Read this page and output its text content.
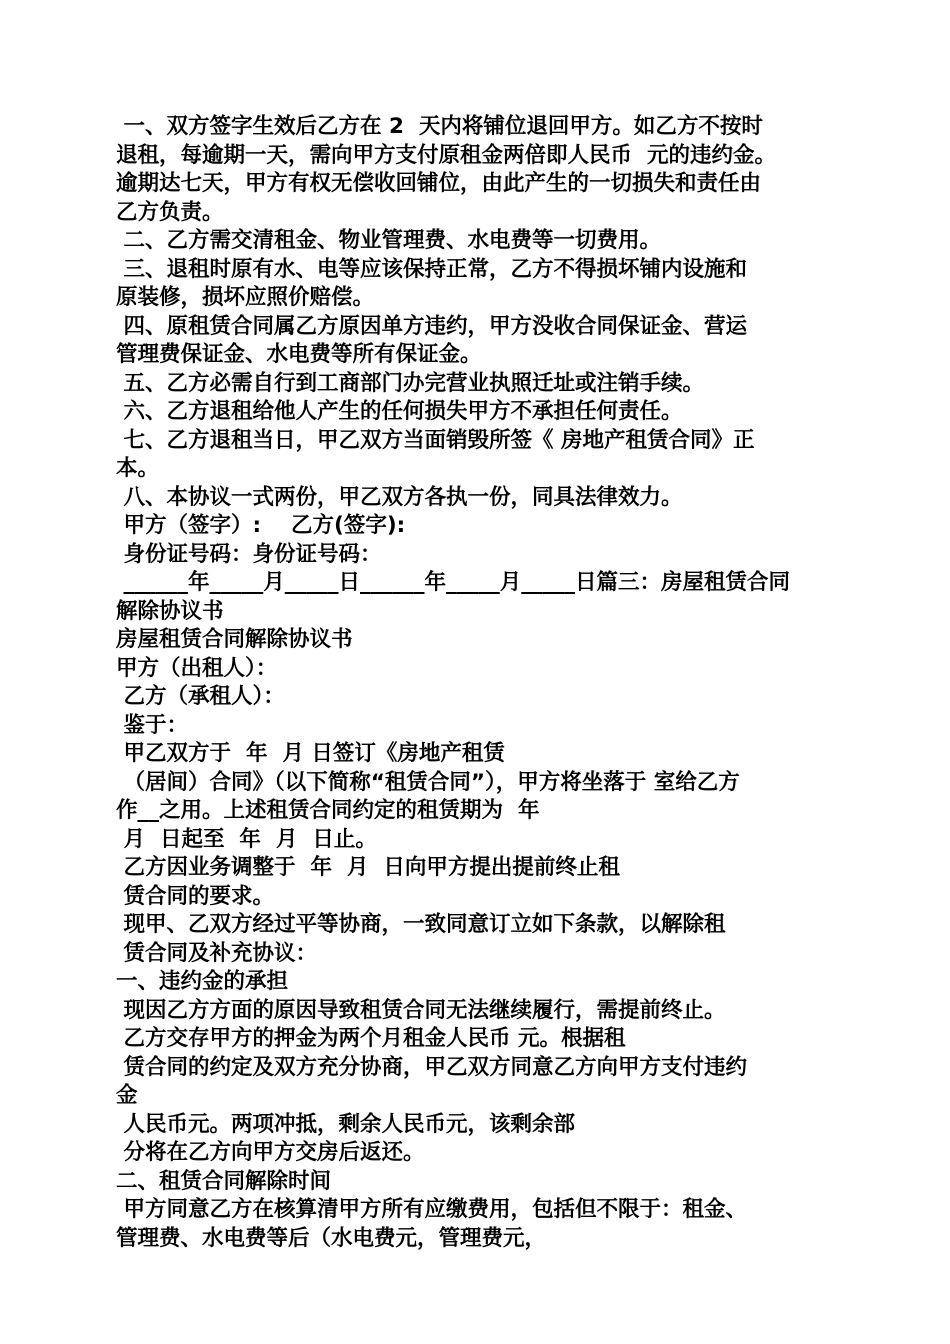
一、双方签字生效后乙方在 2  天内将铺位退回甲方。如乙方不按时
退租，每逾期一天，需向甲方支付原租金两倍即人民币  元的违约金。
逾期达七天，甲方有权无偿收回铺位，由此产生的一切损失和责任由
乙方负责。
二、乙方需交清租金、物业管理费、水电费等一切费用。
三、退租时原有水、电等应该保持正常，乙方不得损坏铺内设施和
原装修，损坏应照价赔偿。
四、原租赁合同属乙方原因单方违约，甲方没收合同保证金、营运
管理费保证金、水电费等所有保证金。
五、乙方必需自行到工商部门办完营业执照迁址或注销手续。
六、乙方退租给他人产生的任何损失甲方不承担任何责任。
七、乙方退租当日，甲乙双方当面销毁所签《 房地产租赁合同》正
本。
八、本协议一式两份，甲乙双方各执一份，同具法律效力。
甲方（签字）:    乙方(签字):
身份证号码：身份证号码：
______年_____月_____日______年_____月_____日篇三：房屋租赁合同
解除协议书
房屋租赁合同解除协议书
甲方（出租人）：
乙方（承租人）：
鉴于：
甲乙双方于  年  月 日签订《房地产租赁
（居间）合同》（以下简称“租赁合同”），甲方将坐落于 室给乙方
作__之用。上述租赁合同约定的租赁期为  年
月  日起至  年  月  日止。
乙方因业务调整于  年  月  日向甲方提出提前终止租
赁合同的要求。
现甲、乙双方经过平等协商，一致同意订立如下条款，以解除租
赁合同及补充协议：
一、违约金的承担
现因乙方方面的原因导致租赁合同无法继续履行，需提前终止。
乙方交存甲方的押金为两个月租金人民币 元。根据租
赁合同的约定及双方充分协商，甲乙双方同意乙方向甲方支付违约
金
人民币元。两项冲抵，剩余人民币元，该剩余部
分将在乙方向甲方交房后返还。
二、租赁合同解除时间
甲方同意乙方在核算清甲方所有应缴费用，包括但不限于：租金、
管理费、水电费等后（水电费元，管理费元，
